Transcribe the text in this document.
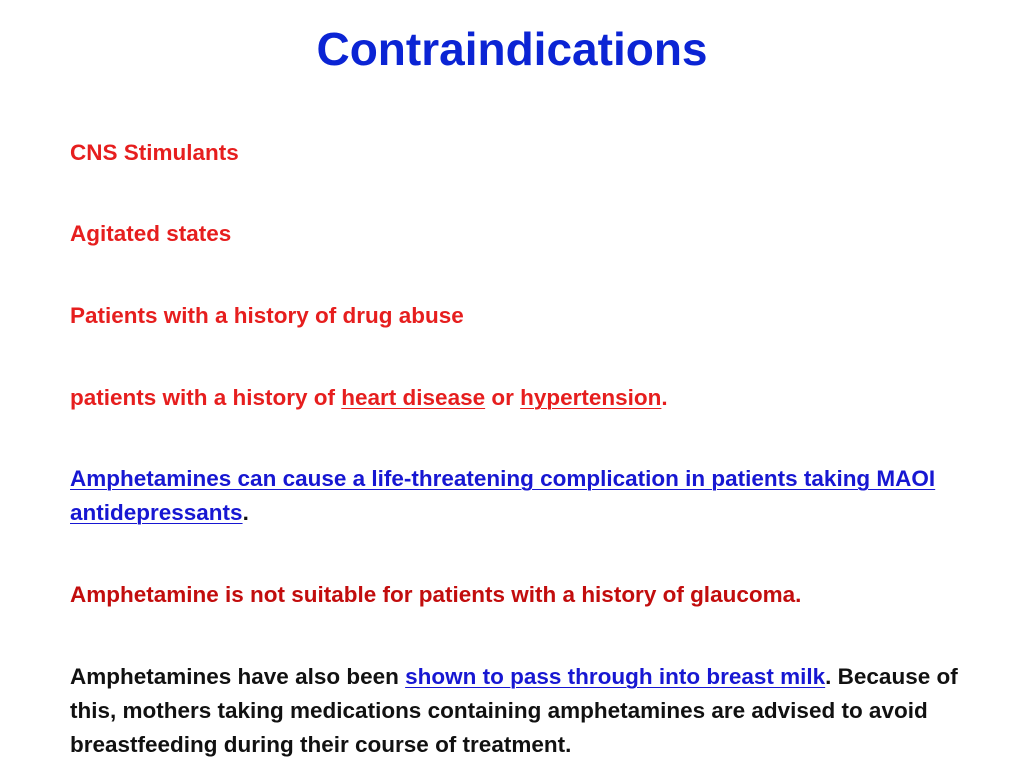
Contraindications

CNS Stimulants

Agitated states

Patients with a history of drug abuse

patients with a history of heart disease or hypertension.

Amphetamines can cause a life-threatening complication in patients taking MAOI antidepressants.

Amphetamine is not suitable for patients with a history of glaucoma.

Amphetamines have also been shown to pass through into breast milk. Because of this, mothers taking medications containing amphetamines are advised to avoid breastfeeding during their course of treatment.
